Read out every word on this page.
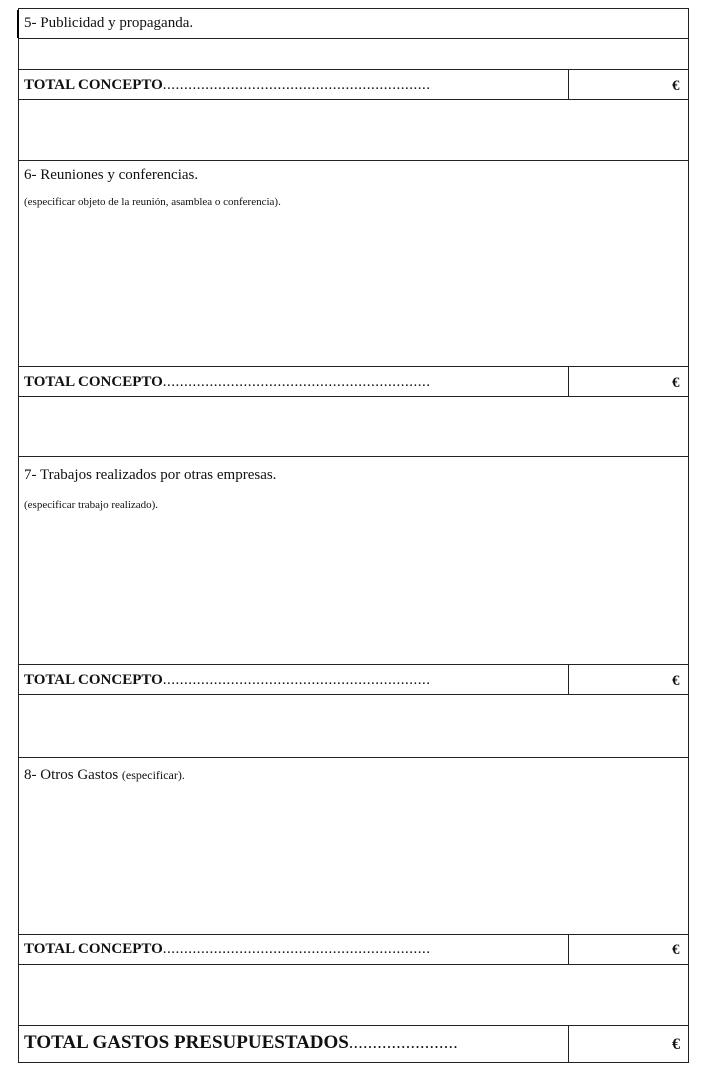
5- Publicidad y propaganda.
TOTAL CONCEPTO...............................................................	€
6- Reuniones y conferencias.
(especificar objeto de la reunión, asamblea o conferencia).
TOTAL CONCEPTO...............................................................	€
7- Trabajos realizados por otras empresas.
(especificar trabajo realizado).
TOTAL CONCEPTO...............................................................	€
8- Otros Gastos (especificar).
TOTAL CONCEPTO...............................................................	€
TOTAL GASTOS PRESUPUESTADOS.......................	€
